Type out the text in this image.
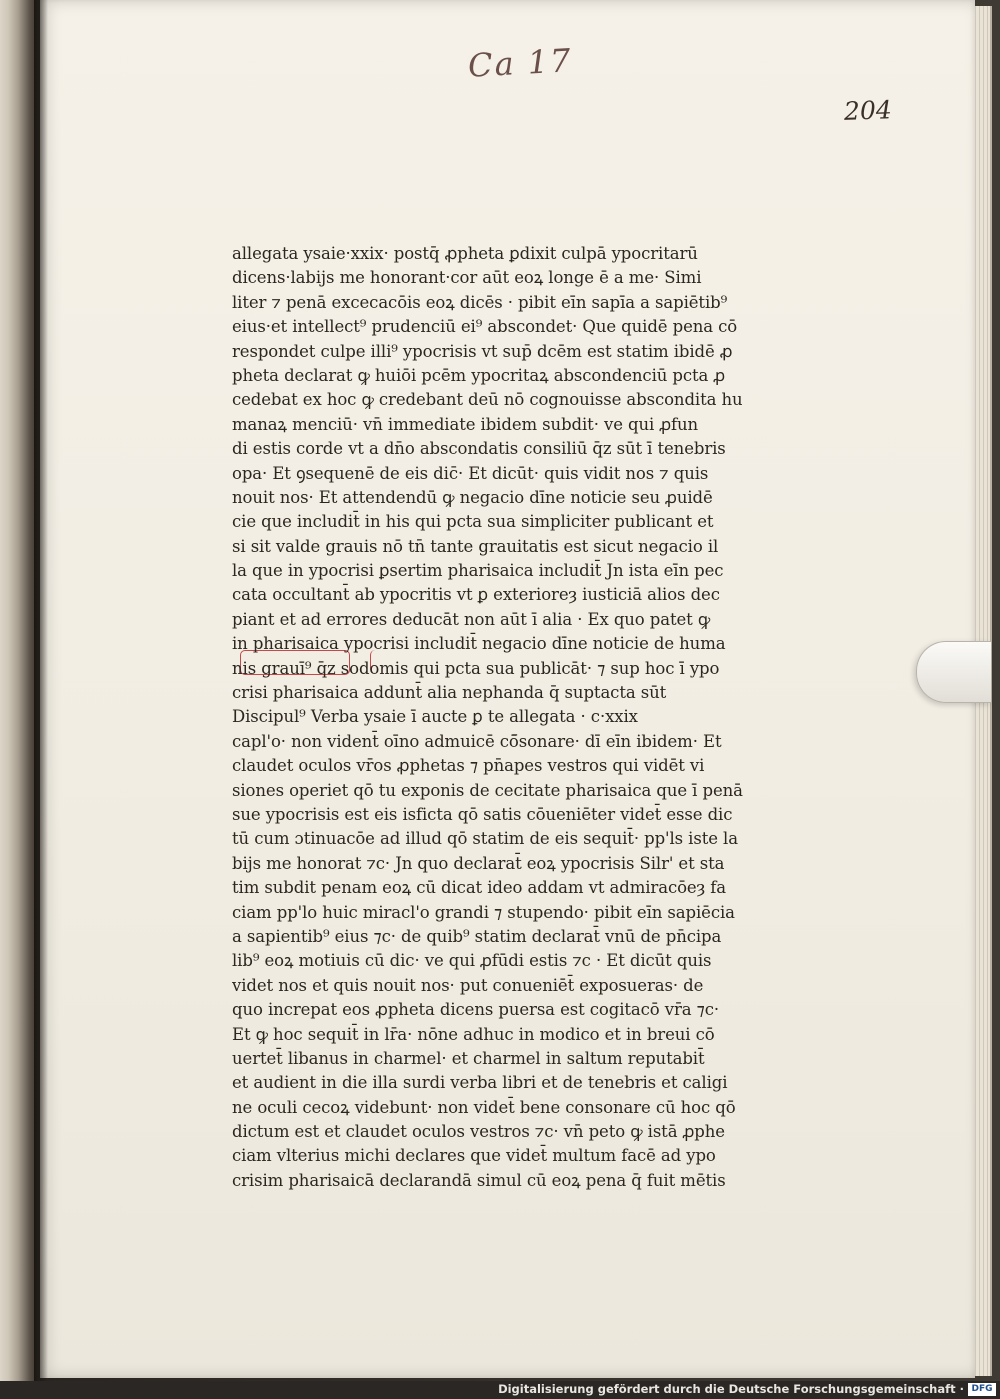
Ca 17
204
allegata ysaie·xxix· postq̄ ꝓpheta ꝑdixit culpā ypocritarū
dicens·labijs me honorant·cor aūt eoꝝ longe ē a me· Simi
liter ⁊ penā excecacōis eoꝝ dicēs · pibit eīn sapīa a sapiētib⁹
eius·et intellect⁹ prudenciū ei⁹ abscondet· Que quidē pena cō
respondet culpe illi⁹ ypocrisis vt sup̄ dcēm est statim ibidē ꝓ
pheta declarat ꝙ huiōi pcēm ypocritaꝝ abscondenciū pcta ꝓ
cedebat ex hoc ꝙ credebant deū nō cognouisse abscondita hu
manaꝝ menciū· vn̄ immediate ibidem subdit· ve qui ꝓfun
di estis corde vt a dn̄o abscondatis consiliū q̄z sūt ī tenebris
opa· Et ꝯsequenē de eis dic̄· Et dicūt· quis vidit nos ⁊ quis
nouit nos· Et attendendū ꝙ negacio dīne noticie seu ꝓuidē
cie que includit̄ in his qui pcta sua simpliciter publicant et
si sit valde grauis nō tn̄ tante grauitatis est sicut negacio il
la que in ypocrisi ꝑsertim pharisaica includit̄ Jn ista eīn pec
cata occultant̄ ab ypocritis vt ꝑ exterioreȝ iusticiā alios dec
piant et ad errores deducāt non aūt ī alia · Ex quo patet ꝙ
in pharisaica ypocrisi includit̄ negacio dīne noticie de huma
nis grauī⁹ q̄z sodomis qui pcta sua publicāt· ⁊ sup hoc ī ypo
crisi pharisaica addunt̄ alia nephanda q̄ suptacta sūt
Discipul⁹ Verba ysaie ī aucte ꝑ te allegata · c·xxix
capl'o· non vident̄ oīno admuicē cō̄sonare· dī eīn ibidem· Et
claudet oculos vr̄os ꝓphetas ⁊ pn̄apes vestros qui vidēt vi
siones operiet qō tu exponis de cecitate pharisaica que ī penā
sue ypocrisis est eis isficta qō satis cōueniēter videt̄ esse dic
tū cum ɔtinuacōe ad illud qō statim de eis sequit̄· pp'ls iste la
bijs me honorat ⁊c· Jn quo declarat̄ eoꝝ ypocrisis Silr' et sta
tim subdit penam eoꝝ cū dicat ideo addam vt admiracōeȝ fa
ciam pp'lo huic miracl'o grandi ⁊ stupendo· pibit eīn sapiēcia
a sapientib⁹ eius ⁊c· de quib⁹ statim declarat̄ vnū de pn̄cipa
lib⁹ eoꝝ motiuis cū dic· ve qui ꝓfūdi estis ⁊c · Et dicūt quis
videt nos et quis nouit nos· put conueniēt̄ exposueras· de
quo increpat eos ꝓpheta dicens puersa est cogitacō vr̄a ⁊c·
Et ꝙ hoc sequit̄ in lr̄a· nōne adhuc in modico et in breui cō
uertet̄ libanus in charmel· et charmel in saltum reputabit̄
et audient in die illa surdi verba libri et de tenebris et caligi
ne oculi cecoꝝ videbunt· non videt̄ bene consonare cū hoc qō
dictum est et claudet oculos vestros ⁊c· vn̄ peto ꝙ istā ꝓphe
ciam vlterius michi declares que videt̄ multum facē ad ypo
crisim pharisaicā declarandā simul cū eoꝝ pena q̄ fuit mētis
Digitalisierung gefördert durch die Deutsche Forschungsgemeinschaft · DFG
